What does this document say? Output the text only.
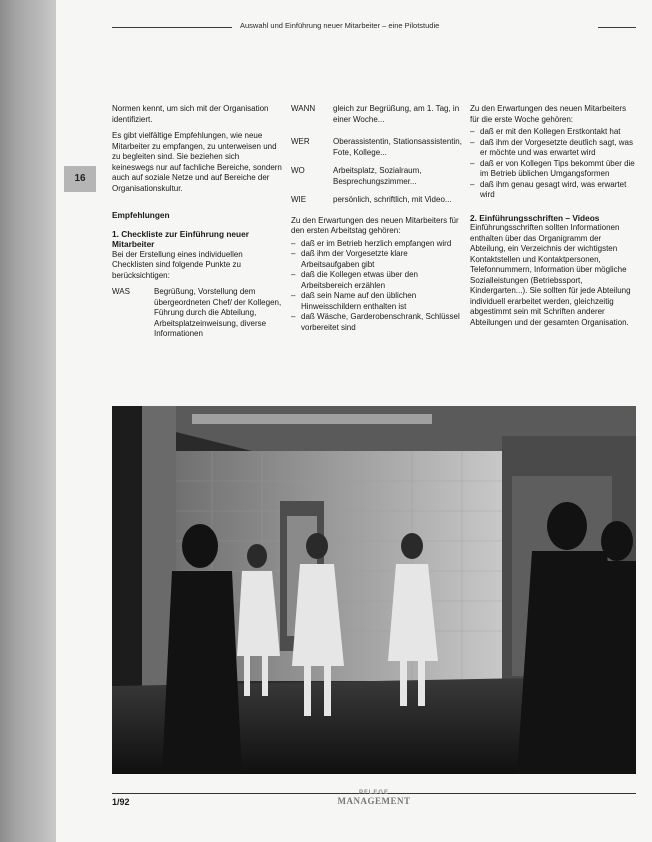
16
Auswahl und Einführung neuer Mitarbeiter – eine Pilotstudie

Normen kennt, um sich mit der Organisation identifiziert.

Es gibt vielfältige Empfehlungen, wie neue Mitarbeiter zu empfangen, zu unterweisen und zu begleiten sind. Sie beziehen sich keineswegs nur auf fachliche Bereiche, sondern auch auf soziale Netze und auf Bereiche der Organisationskultur.

Empfehlungen
1. Checkliste zur Einführung neuer Mitarbeiter

Bei der Erstellung eines individuellen Checklisten sind folgende Punkte zu berücksichtigen:

WAS	Begrüßung, Vorstellung dem übergeordneten Chef/ der Kollegen, Führung durch die Abteilung, Arbeitsplatzeinweisung, diverse Informationen
WANN	gleich zur Begrüßung, am 1. Tag, in einer Woche...
WER	Oberassistentin, Stationsassistentin, Fote, Kollege...
WO	Arbeitsplatz, Sozialraum, Besprechungszimmer...
WIE	persönlich, schriftlich, mit Video...

Zu den Erwartungen des neuen Mitarbeiters für den ersten Arbeitstag gehören:

– daß er im Betrieb herzlich empfangen wird
– daß ihm der Vorgesetzte klare Arbeitsaufgaben gibt
– daß die Kollegen etwas über den Arbeitsbereich erzählen
– daß sein Name auf den üblichen Hinweisschildern enthalten ist
– daß Wäsche, Garderobenschrank, Schlüssel vorbereitet sind

Zu den Erwartungen des neuen Mitarbeiters für die erste Woche gehören:

– daß er mit den Kollegen Erstkontakt hat
– daß ihm der Vorgesetzte deutlich sagt, was er möchte und was erwartet wird
– daß er von Kollegen Tips bekommt über die im Betrieb üblichen Umgangsformen
– daß ihm genau gesagt wird, was erwartet wird
2. Einführungsschriften – Videos

Einführungsschriften sollten Informationen enthalten über das Organigramm der Abteilung, ein Verzeichnis der wichtigsten Kontaktstellen und Kontaktpersonen, Telefonnummern, Information über mögliche Sozialleistungen (Betriebssport, Kindergarten...). Sie sollten für jede Abteilung individuell erarbeitet werden, gleichzeitig abgestimmt sein mit Schriften anderer Abteilungen und der gesamten Organisation.

1/92
PFLEGE
MANAGEMENT
